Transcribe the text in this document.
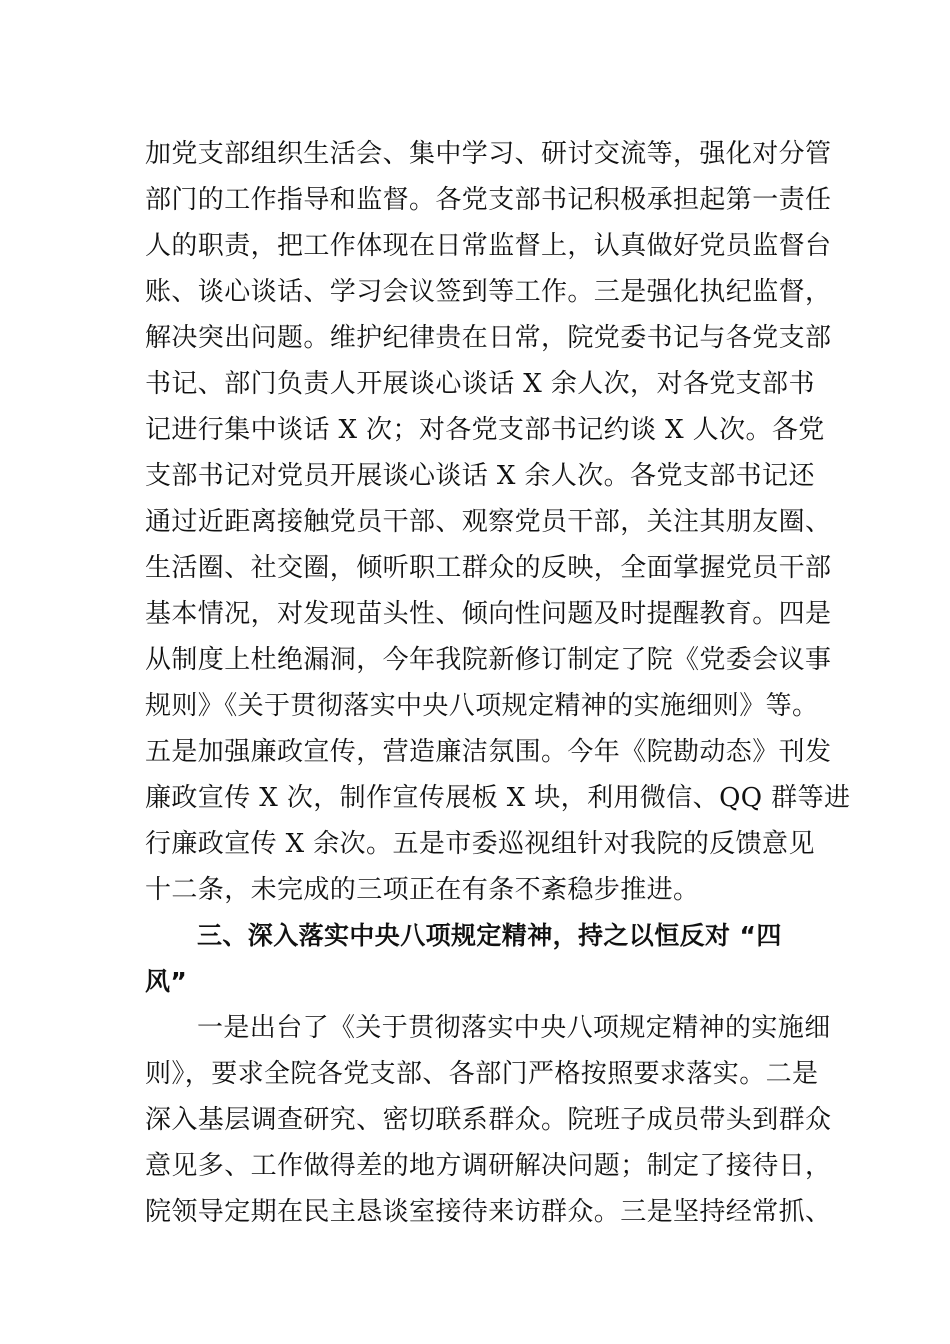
加党支部组织生活会、集中学习、研讨交流等，强化对分管
部门的工作指导和监督。各党支部书记积极承担起第一责任
人的职责，把工作体现在日常监督上，认真做好党员监督台
账、谈心谈话、学习会议签到等工作。三是强化执纪监督，
解决突出问题。维护纪律贵在日常，院党委书记与各党支部
书记、部门负责人开展谈心谈话 X 余人次，对各党支部书
记进行集中谈话 X 次；对各党支部书记约谈 X 人次。各党
支部书记对党员开展谈心谈话 X 余人次。各党支部书记还
通过近距离接触党员干部、观察党员干部，关注其朋友圈、
生活圈、社交圈，倾听职工群众的反映，全面掌握党员干部
基本情况，对发现苗头性、倾向性问题及时提醒教育。四是
从制度上杜绝漏洞，今年我院新修订制定了院《党委会议事
规则》《关于贯彻落实中央八项规定精神的实施细则》等。
五是加强廉政宣传，营造廉洁氛围。今年《院勘动态》刊发
廉政宣传 X 次，制作宣传展板 X 块，利用微信、QQ 群等进
行廉政宣传 X 余次。五是市委巡视组针对我院的反馈意见
十二条，未完成的三项正在有条不紊稳步推进。
三、深入落实中央八项规定精神，持之以恒反对 “四
风”
一是出台了《关于贯彻落实中央八项规定精神的实施细
则》，要求全院各党支部、各部门严格按照要求落实。二是
深入基层调查研究、密切联系群众。院班子成员带头到群众
意见多、工作做得差的地方调研解决问题；制定了接待日，
院领导定期在民主恳谈室接待来访群众。三是坚持经常抓、
